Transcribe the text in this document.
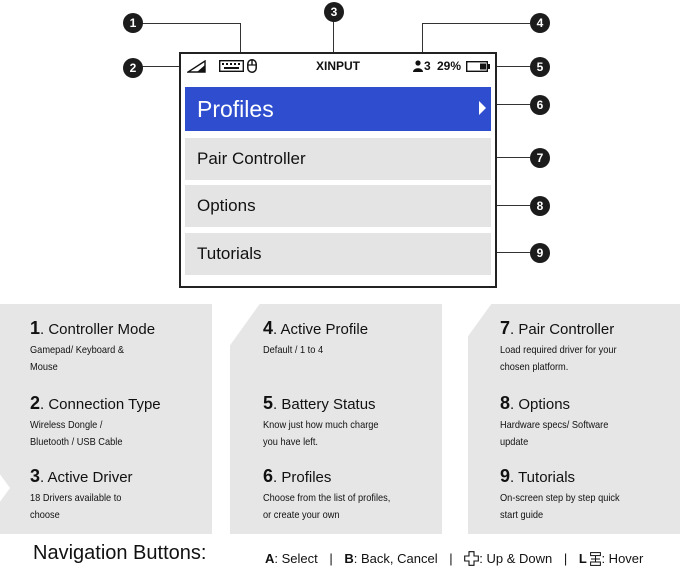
1
2
3
4
5
6
7
8
9
XINPUT	3 29%
Profiles
Pair Controller
Options
Tutorials
1. Controller Mode
Gamepad/ Keyboard & Mouse
2. Connection Type
Wireless Dongle / Bluetooth / USB Cable
3. Active Driver
18 Drivers available to choose
4. Active Profile
Default / 1 to 4
5. Battery Status
Know just how much charge you have left.
6. Profiles
Choose from the list of profiles, or create your own
7. Pair Controller
Load required driver for your chosen platform.
8. Options
Hardware specs/ Software update
9. Tutorials
On-screen step by step quick start guide
Navigation Buttons:	A: Select | B: Back, Cancel | : Up & Down | L : Hover
